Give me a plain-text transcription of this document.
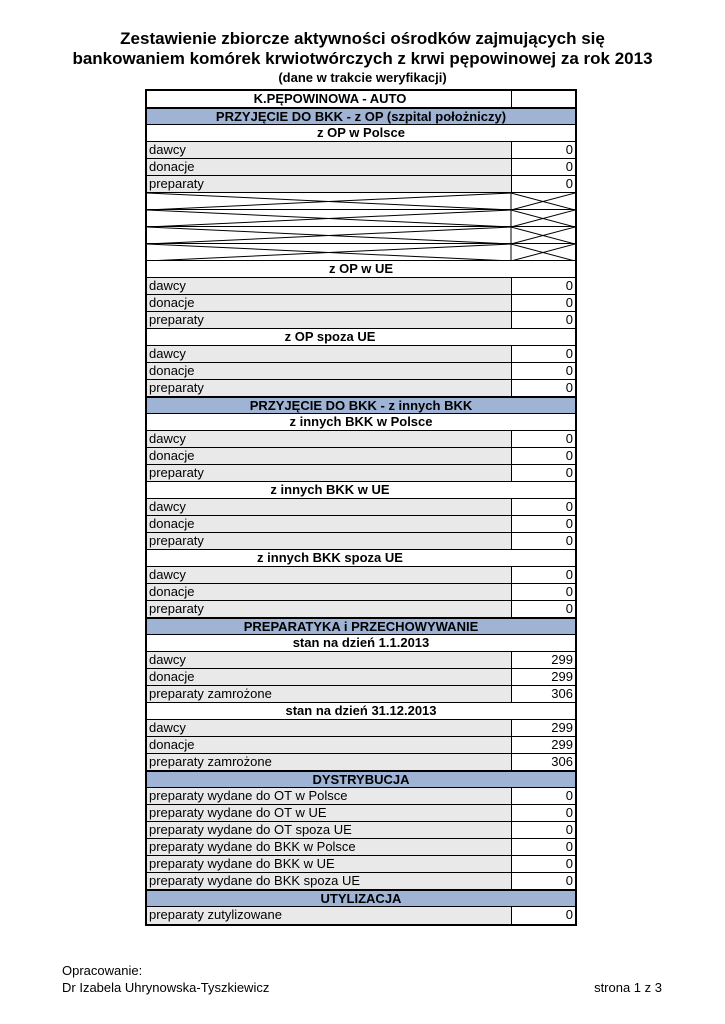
Zestawienie zbiorcze aktywności ośrodków zajmujących się
bankowaniem komórek krwiotwórczych z krwi pępowinowej za rok 2013
(dane w trakcie weryfikacji)
K.PĘPOWINOWA - AUTO
PRZYJĘCIE DO BKK - z OP (szpital położniczy)
z OP w Polsce
dawcy	0
donacje	0
preparaty	0
z OP w UE
dawcy	0
donacje	0
preparaty	0
z OP spoza UE
dawcy	0
donacje	0
preparaty	0
PRZYJĘCIE DO BKK - z innych BKK
z innych BKK w Polsce
dawcy	0
donacje	0
preparaty	0
z innych BKK w UE
dawcy	0
donacje	0
preparaty	0
z innych BKK spoza UE
dawcy	0
donacje	0
preparaty	0
PREPARATYKA i PRZECHOWYWANIE
stan na dzień 1.1.2013
dawcy	299
donacje	299
preparaty zamrożone	306
stan na dzień 31.12.2013
dawcy	299
donacje	299
preparaty zamrożone	306
DYSTRYBUCJA
preparaty wydane do OT w Polsce	0
preparaty wydane do OT w UE	0
preparaty wydane do OT spoza UE	0
preparaty wydane do BKK w Polsce	0
preparaty wydane do BKK w UE	0
preparaty wydane do BKK spoza UE	0
UTYLIZACJA
preparaty zutylizowane	0
Opracowanie:
Dr Izabela Uhrynowska-Tyszkiewicz	strona 1 z 3
